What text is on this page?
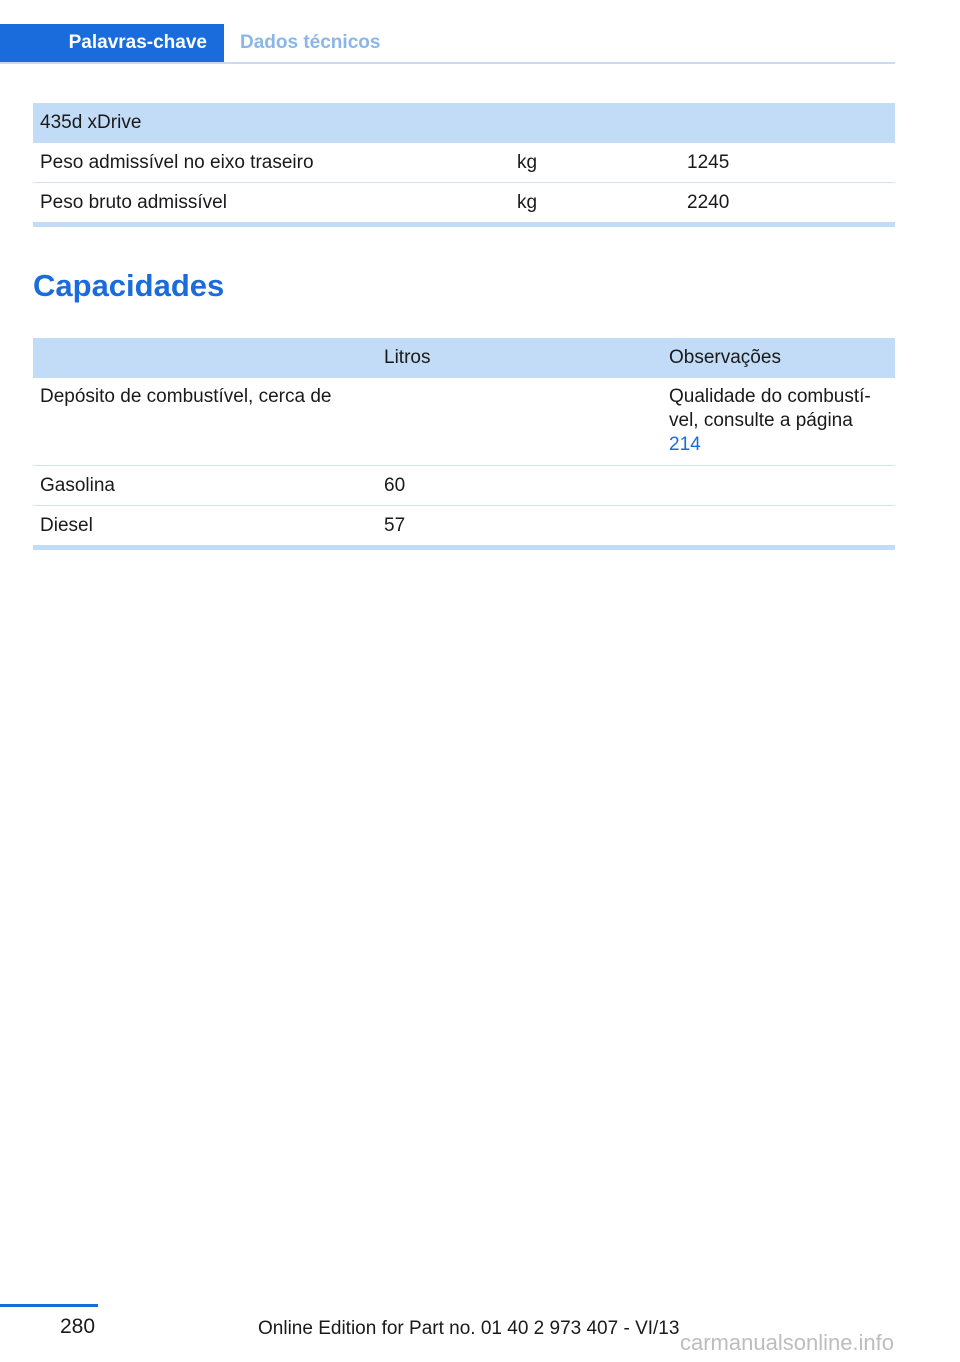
Palavras-chave	Dados técnicos
435d xDrive		
Peso admissível no eixo traseiro	kg	1245
Peso bruto admissível	kg	2240
Capacidades
	Litros	Observações
Depósito de combustível, cerca de		Qualidade do combustí-
vel, consulte a página
214
Gasolina	60	
Diesel	57	
280	Online Edition for Part no. 01 40 2 973 407 - VI/13
carmanualsonline.info
